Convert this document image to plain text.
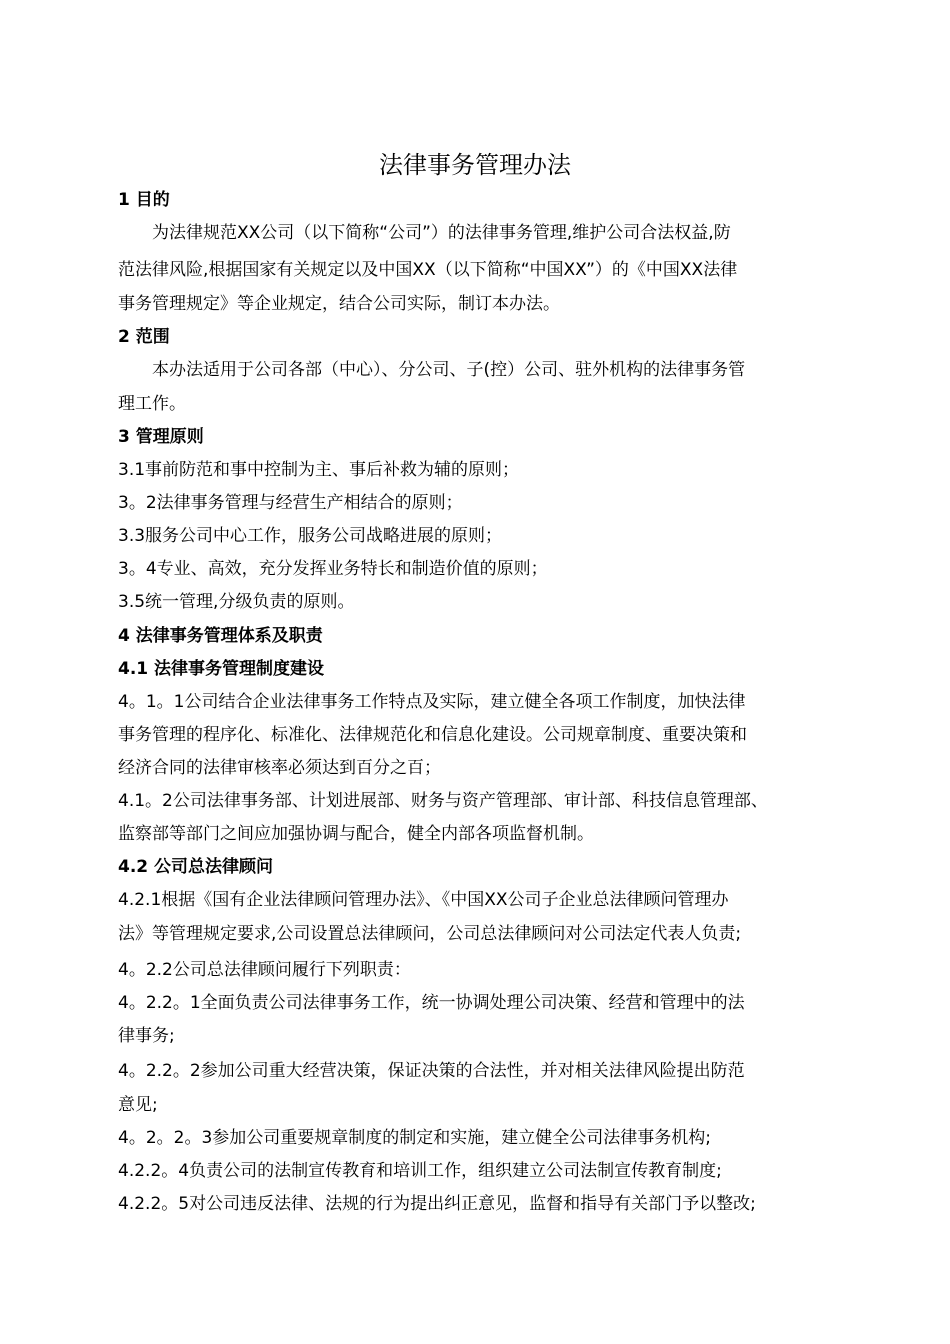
法律事务管理办法

1 目的

为法律规范XX公司（以下简称“公司”）的法律事务管理,维护公司合法权益,防

范法律风险,根据国家有关规定以及中国XX（以下简称“中国XX”）的《中国XX法律

事务管理规定》等企业规定，结合公司实际，制订本办法。

2 范围

本办法适用于公司各部（中心）、分公司、子(控）公司、驻外机构的法律事务管

理工作。

3 管理原则

3.1事前防范和事中控制为主、事后补救为辅的原则；

3。2法律事务管理与经营生产相结合的原则；

3.3服务公司中心工作，服务公司战略进展的原则；

3。4专业、高效，充分发挥业务特长和制造价值的原则；

3.5统一管理,分级负责的原则。

4 法律事务管理体系及职责

4.1 法律事务管理制度建设

4。1。1公司结合企业法律事务工作特点及实际，建立健全各项工作制度，加快法律

事务管理的程序化、标准化、法律规范化和信息化建设。公司规章制度、重要决策和

经济合同的法律审核率必须达到百分之百；

4.1。2公司法律事务部、计划进展部、财务与资产管理部、审计部、科技信息管理部、

监察部等部门之间应加强协调与配合，健全内部各项监督机制。

4.2 公司总法律顾问

4.2.1根据《国有企业法律顾问管理办法》、《中国XX公司子企业总法律顾问管理办

法》等管理规定要求,公司设置总法律顾问，公司总法律顾问对公司法定代表人负责;

4。2.2公司总法律顾问履行下列职责：

4。2.2。1全面负责公司法律事务工作，统一协调处理公司决策、经营和管理中的法

律事务;

4。2.2。2参加公司重大经营决策，保证决策的合法性，并对相关法律风险提出防范

意见;

4。2。2。3参加公司重要规章制度的制定和实施，建立健全公司法律事务机构;

4.2.2。4负责公司的法制宣传教育和培训工作，组织建立公司法制宣传教育制度;

4.2.2。5对公司违反法律、法规的行为提出纠正意见，监督和指导有关部门予以整改;
